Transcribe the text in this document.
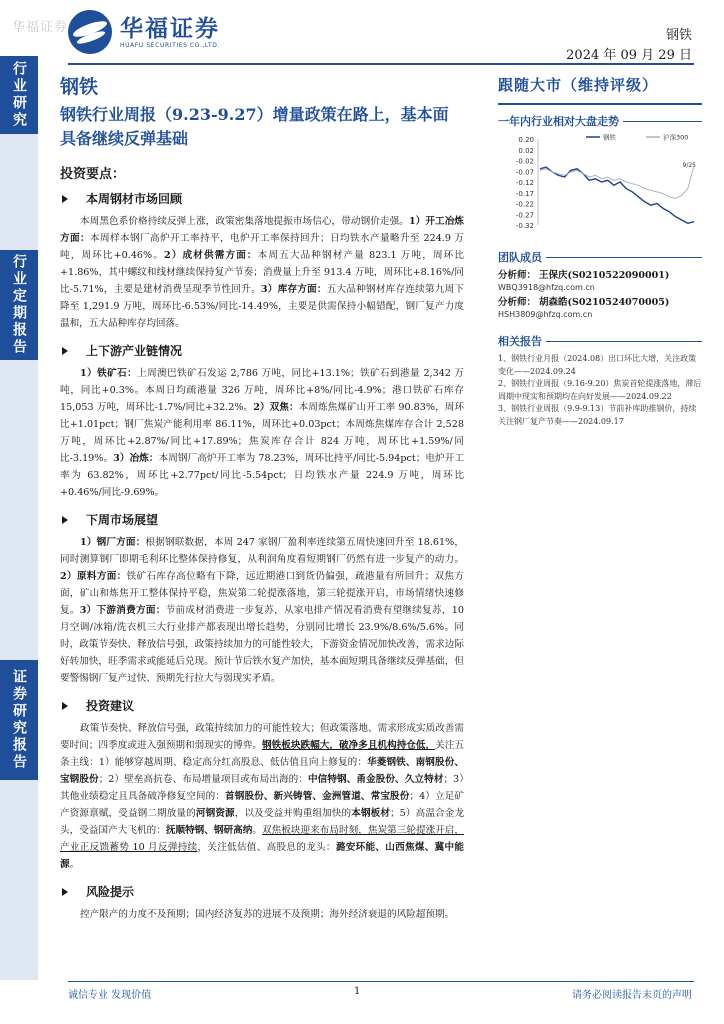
华福证券 华福证券
HUAFU SECURITIES CO.,LTD.
钢铁
2024 年 09 月 29 日
行业研究
行业定期报告
证券研究报告
钢铁
钢铁行业周报（9.23-9.27）增量政策在路上，基本面具备继续反弹基础
投资要点：
本周钢材市场回顾
本周黑色系价格持续反弹上涨，政策密集落地提振市场信心，带动钢价走强。1）开工冶炼方面：本周样本钢厂高炉开工率持平，电炉开工率保持回升；日均铁水产量略升至 224.9 万吨，周环比+0.46%。2）成材供需方面：本周五大品种钢材产量 823.1 万吨，周环比+1.86%，其中螺纹和线材继续保持复产节奏；消费量上升至 913.4 万吨，周环比+8.16%/同比-5.71%，主要是建材消费呈现季节性回升。3）库存方面：五大品种钢材库存连续第九周下降至 1,291.9 万吨，周环比-6.53%/同比-14.49%，主要是供需保持小幅错配，钢厂复产力度温和，五大品种库存均回落。
上下游产业链情况
1）铁矿石：上周澳巴铁矿石发运 2,786 万吨，同比+13.1%；铁矿石到港量 2,342 万吨，同比+0.3%。本周日均疏港量 326 万吨，周环比+8%/同比-4.9%；港口铁矿石库存 15,053 万吨，周环比-1.7%/同比+32.2%。2）双焦：本周炼焦煤矿山开工率 90.83%，周环比+1.01pct；钢厂焦炭产能利用率 86.11%，周环比+0.03pct；本周炼焦煤库存合计 2,528 万吨，周环比+2.87%/同比+17.89%；焦炭库存合计 824 万吨，周环比+1.59%/同比-3.19%。3）冶炼：本周钢厂高炉开工率为 78.23%，周环比持平/同比-5.94pct；电炉开工率为 63.82%，周环比+2.77pct/同比-5.54pct；日均铁水产量 224.9 万吨，周环比+0.46%/同比-9.69%。
下周市场展望
1）钢厂方面：根据钢联数据，本周 247 家钢厂盈利率连续第五周快速回升至 18.61%，同时测算钢厂即期毛利环比整体保持修复，从利润角度看短期钢厂仍然有进一步复产的动力。2）原料方面：铁矿石库存高位略有下降，远近期港口到货仍偏强，疏港量有所回升；双焦方面，矿山和炼焦开工整体保持平稳，焦炭第二轮提涨落地，第三轮提涨开启，市场情绪快速修复。3）下游消费方面：节前成材消费进一步复苏，从家电排产情况看消费有望继续复苏，10 月空调/冰箱/洗衣机三大行业排产都表现出增长趋势，分别同比增长 23.9%/8.6%/5.6%。同时，政策节奏快、释放信号强，政策持续加力的可能性较大，下游资金情况加快改善，需求边际好转加快，旺季需求或能延后兑现。预计节后铁水复产加快，基本面短期具备继续反弹基础，但要警惕钢厂复产过快、预期先行拉大与弱现实矛盾。
投资建议
政策节奏快、释放信号强，政策持续加力的可能性较大；但政策落地、需求形成实质改善需要时间；四季度或进入强预期和弱现实的博弈。钢铁板块跌幅大，破净多且机构持仓低，关注五条主线：1）能够穿越周期、稳定高分红高股息、低估值且向上修复的：华菱钢铁、南钢股份、宝钢股份；2）壁垒高抗卷、布局增量项目或布局出海的：中信特钢、甬金股份、久立特材；3）其他业绩稳定且具备破净修复空间的：首钢股份、新兴铸管、金洲管道、常宝股份；4）立足矿产资源禀赋，受益钢二期放量的河钢资源，以及受益并购重组加快的本钢板材；5）高温合金龙头，受益国产大飞机的：抚顺特钢、钢研高纳。双焦板块迎来布局时刻，焦炭第三轮提涨开启，产业正反馈蓄势 10 月反弹持续，关注低估值、高股息的龙头：潞安环能、山西焦煤、冀中能源。
风险提示
控产限产的力度不及预期；国内经济复苏的进展不及预期；海外经济衰退的风险超预期。
跟随大市（维持评级）
一年内行业相对大盘走势
0.20
0.02
-0.02
-0.07
-0.12
-0.17
-0.22
-0.27
-0.32
9/25
钢铁	沪深300
团队成员
分析师： 王保庆(S0210522090001)
WBQ3918@hfzq.com.cn
分析师： 胡森皓(S0210524070005)
HSH3809@hfzq.com.cn
相关报告
1、钢铁行业月报（2024.08）出口环比大增，关注政策变化——2024.09.24
2、钢铁行业周报（9.16-9.20）焦炭首轮提涨落地，滞后周期中现实和预期均在向好发展——2024.09.22
3、钢铁行业周报（9.9-9.13）节前补库助推钢价，持续关注钢厂复产节奏——2024.09.17
诚信专业 发现价值	1	请务必阅读报告末页的声明
